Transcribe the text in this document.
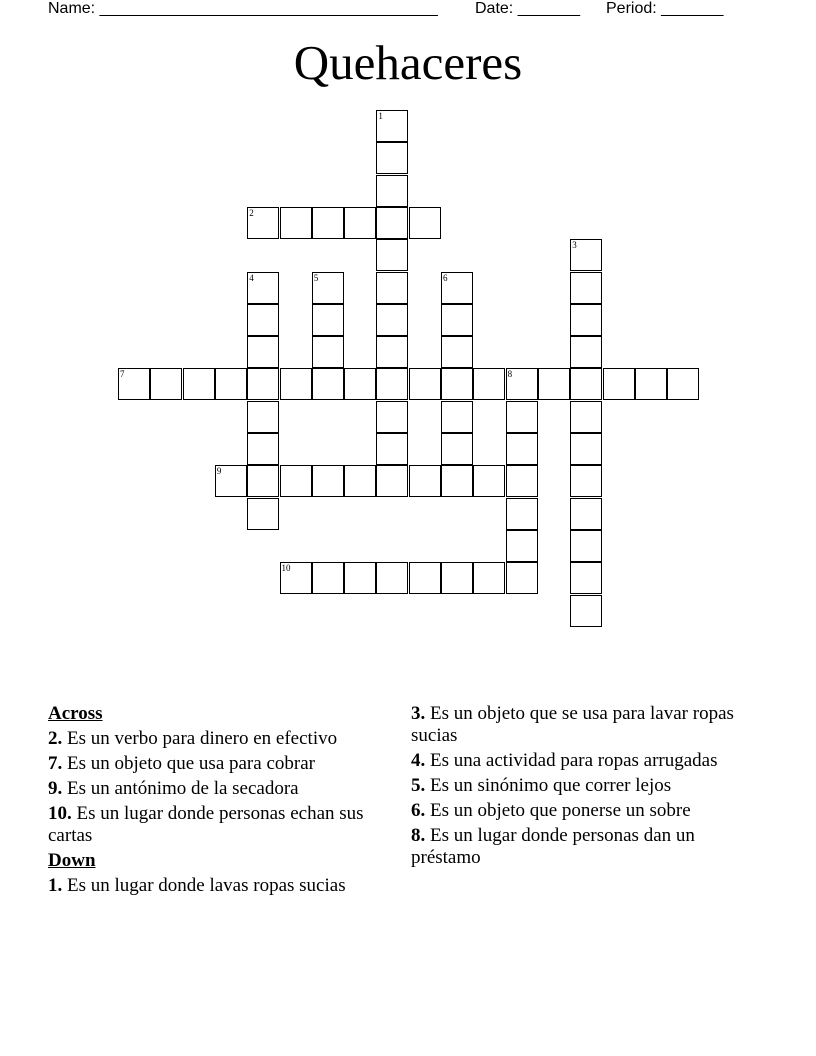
Name: ______________________________________ Date: _______ Period: _______
Quehaceres
1
2
3
4	5	6
7	8
9
10
Across
2. Es un verbo para dinero en efectivo
7. Es un objeto que usa para cobrar
9. Es un antónimo de la secadora
10. Es un lugar donde personas echan sus cartas
Down
1. Es un lugar donde lavas ropas sucias
3. Es un objeto que se usa para lavar ropas sucias
4. Es una actividad para ropas arrugadas
5. Es un sinónimo que correr lejos
6. Es un objeto que ponerse un sobre
8. Es un lugar donde personas dan un préstamo
